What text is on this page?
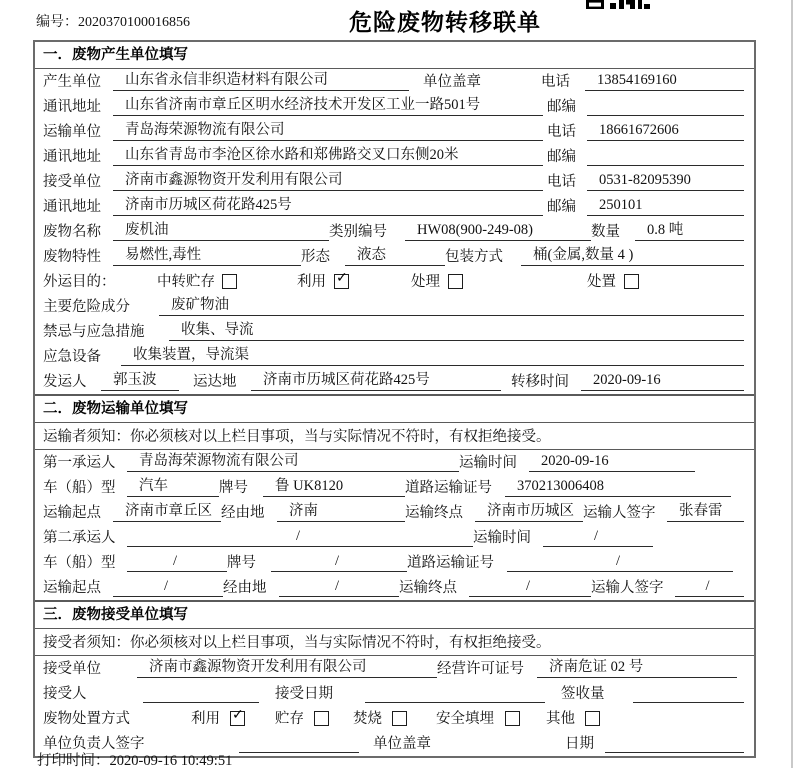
编号：2020370100016856	危险废物转移联单
一．废物产生单位填写
产生单位	山东省永信非织造材料有限公司	单位盖章	电话	13854169160
通讯地址	山东省济南市章丘区明水经济技术开发区工业一路501号	邮编
运输单位	青岛海荣源物流有限公司	电话	18661672606
通讯地址	山东省青岛市李沧区徐水路和郑佛路交叉口东侧20米	邮编
接受单位	济南市鑫源物资开发利用有限公司	电话	0531-82095390
通讯地址	济南市历城区荷花路425号	邮编	250101
废物名称	废机油	类别编号	HW08(900-249-08)	数量	0.8 吨
废物特性	易燃性,毒性	形态	液态	包装方式	桶(金属,数量 4 )
外运目的：	中转贮存	利用 ✓	处理	处置
主要危险成分	废矿物油
禁忌与应急措施	收集、导流
应急设备	收集装置，导流渠
发运人	郭玉波	运达地	济南市历城区荷花路425号	转移时间	2020-09-16
二．废物运输单位填写
运输者须知：你必须核对以上栏目事项，当与实际情况不符时，有权拒绝接受。
第一承运人	青岛海荣源物流有限公司	运输时间	2020-09-16
车（船）型	汽车	牌号	鲁 UK8120	道路运输证号	370213006408
运输起点	济南市章丘区 经由地	济南	运输终点	济南市历城区 运输人签字	张春雷
第二承运人	/	运输时间	/
车（船）型	/	牌号	/	道路运输证号	/
运输起点	/	经由地	/	运输终点	/	运输人签字	/
三．废物接受单位填写
接受者须知：你必须核对以上栏目事项，当与实际情况不符时，有权拒绝接受。
接受单位	济南市鑫源物资开发利用有限公司	经营许可证号	济南危证 02 号
接受人	接受日期	签收量
废物处置方式	利用 ✓ 贮存	焚烧	安全填埋	其他
单位负责人签字	单位盖章	日期
打印时间：2020-09-16 10:49:51
